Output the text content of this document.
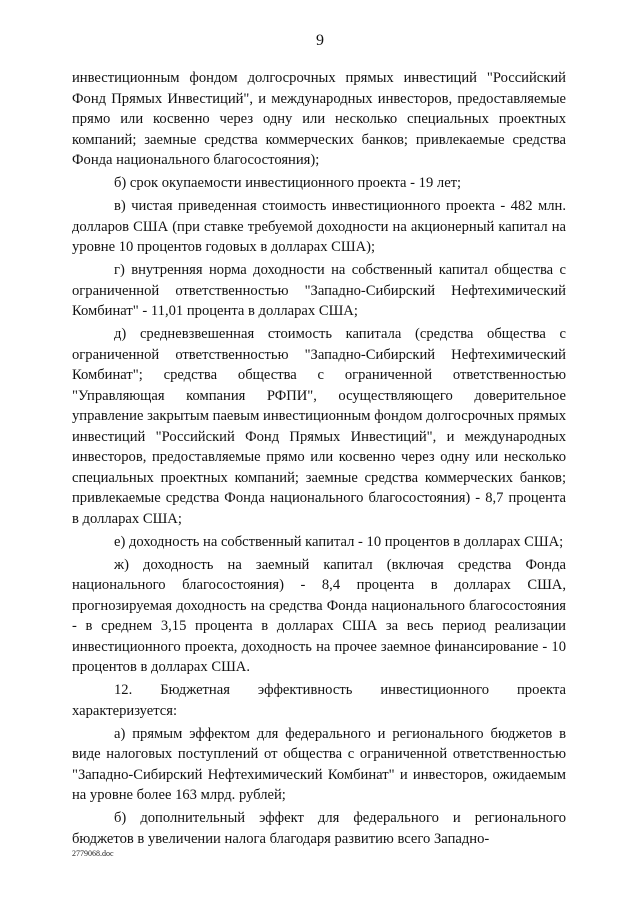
9

инвестиционным фондом долгосрочных прямых инвестиций "Российский Фонд Прямых Инвестиций", и международных инвесторов, предоставляемые прямо или косвенно через одну или несколько специальных проектных компаний; заемные средства коммерческих банков; привлекаемые средства Фонда национального благосостояния);

б) срок окупаемости инвестиционного проекта - 19 лет;

в) чистая приведенная стоимость инвестиционного проекта - 482 млн. долларов США (при ставке требуемой доходности на акционерный капитал на уровне 10 процентов годовых в долларах США);

г) внутренняя норма доходности на собственный капитал общества с ограниченной ответственностью "Западно-Сибирский Нефтехимический Комбинат" - 11,01 процента в долларах США;

д) средневзвешенная стоимость капитала (средства общества с ограниченной ответственностью "Западно-Сибирский Нефтехимический Комбинат"; средства общества с ограниченной ответственностью "Управляющая компания РФПИ", осуществляющего доверительное управление закрытым паевым инвестиционным фондом долгосрочных прямых инвестиций "Российский Фонд Прямых Инвестиций", и международных инвесторов, предоставляемые прямо или косвенно через одну или несколько специальных проектных компаний; заемные средства коммерческих банков; привлекаемые средства Фонда национального благосостояния) - 8,7 процента в долларах США;

е) доходность на собственный капитал - 10 процентов в долларах США;

ж) доходность на заемный капитал (включая средства Фонда национального благосостояния) - 8,4 процента в долларах США, прогнозируемая доходность на средства Фонда национального благосостояния - в среднем 3,15 процента в долларах США за весь период реализации инвестиционного проекта, доходность на прочее заемное финансирование - 10 процентов в долларах США.

12. Бюджетная эффективность инвестиционного проекта характеризуется:

а) прямым эффектом для федерального и регионального бюджетов в виде налоговых поступлений от общества с ограниченной ответственностью "Западно-Сибирский Нефтехимический Комбинат" и инвесторов, ожидаемым на уровне более 163 млрд. рублей;

б) дополнительный эффект для федерального и регионального бюджетов в увеличении налога благодаря развитию всего Западно-

2779068.doc
